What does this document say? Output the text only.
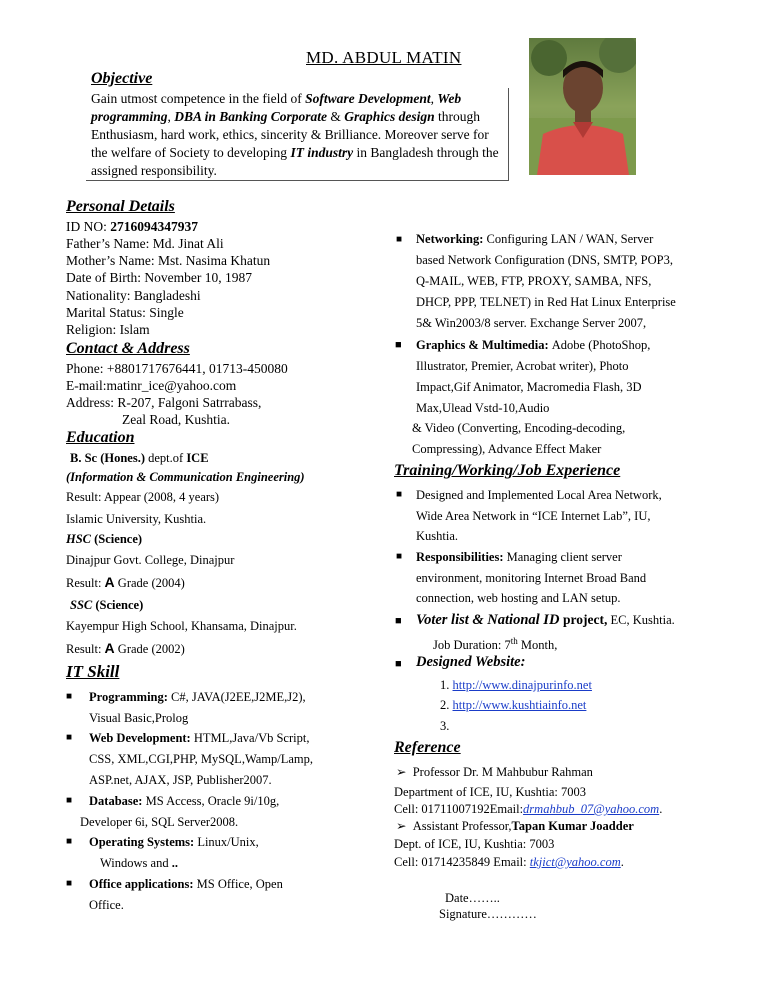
MD. ABDUL MATIN
Objective
Gain utmost competence in the field of Software Development, Web programming, DBA in Banking Corporate & Graphics design through Enthusiasm, hard work, ethics, sincerity & Brilliance. Moreover serve for the welfare of Society to developing IT industry in Bangladesh through the assigned responsibility.
Personal Details
ID NO: 2716094347937
Father’s Name: Md. Jinat Ali
Mother’s Name: Mst. Nasima Khatun
Date of Birth: November 10, 1987
Nationality: Bangladeshi
Marital Status: Single
Religion: Islam
Contact & Address
Phone: +8801717676441, 01713-450080
E-mail:matinr_ice@yahoo.com
Address: R-207, Falgoni Satrrabass,
Zeal Road, Kushtia.
Education
B. Sc (Hones.) dept.of ICE
(Information & Communication Engineering)
Result: Appear (2008, 4 years)
Islamic University, Kushtia.
HSC (Science)
Dinajpur Govt. College, Dinajpur
Result: A Grade (2004)
SSC (Science)
Kayempur High School, Khansama, Dinajpur.
Result: A Grade (2002)
IT Skill
■ Programming: C#, JAVA(J2EE,J2ME,J2),
Visual Basic,Prolog
■ Web Development: HTML,Java/Vb Script,
CSS, XML,CGI,PHP, MySQL,Wamp/Lamp,
ASP.net, AJAX, JSP, Publisher2007.
■ Database: MS Access, Oracle 9i/10g,
Developer 6i, SQL Server2008.
■ Operating Systems: Linux/Unix,
Windows and ..
■ Office applications: MS Office, Open
Office.
■ Networking: Configuring LAN / WAN, Server
based Network Configuration (DNS, SMTP, POP3,
Q-MAIL, WEB, FTP, PROXY, SAMBA, NFS,
DHCP, PPP, TELNET) in Red Hat Linux Enterprise
5& Win2003/8 server. Exchange Server 2007,
■ Graphics & Multimedia: Adobe (PhotoShop,
Illustrator, Premier, Acrobat writer), Photo
Impact,Gif Animator, Macromedia Flash, 3D
Max,Ulead Vstd-10,Audio
& Video (Converting, Encoding-decoding,
Compressing), Advance Effect Maker
Training/Working/Job Experience
■ Designed and Implemented Local Area Network,
Wide Area Network in “ICE Internet Lab”, IU,
Kushtia.
■ Responsibilities: Managing client server
environment, monitoring Internet Broad Band
connection, web hosting and LAN setup.
■ Voter list & National ID project, EC, Kushtia.
Job Duration: 7th Month,
■ Designed Website:
1. http://www.dinajpurinfo.net
2. http://www.kushtiainfo.net
3.
Reference
➢ Professor Dr. M Mahbubur Rahman
Department of ICE, IU, Kushtia: 7003
Cell: 01711007192Email:drmahbub_07@yahoo.com.
➢ Assistant Professor,Tapan Kumar Joadder
Dept. of ICE, IU, Kushtia: 7003
Cell: 01714235849 Email: tkjict@yahoo.com.
Date……..
Signature…………
